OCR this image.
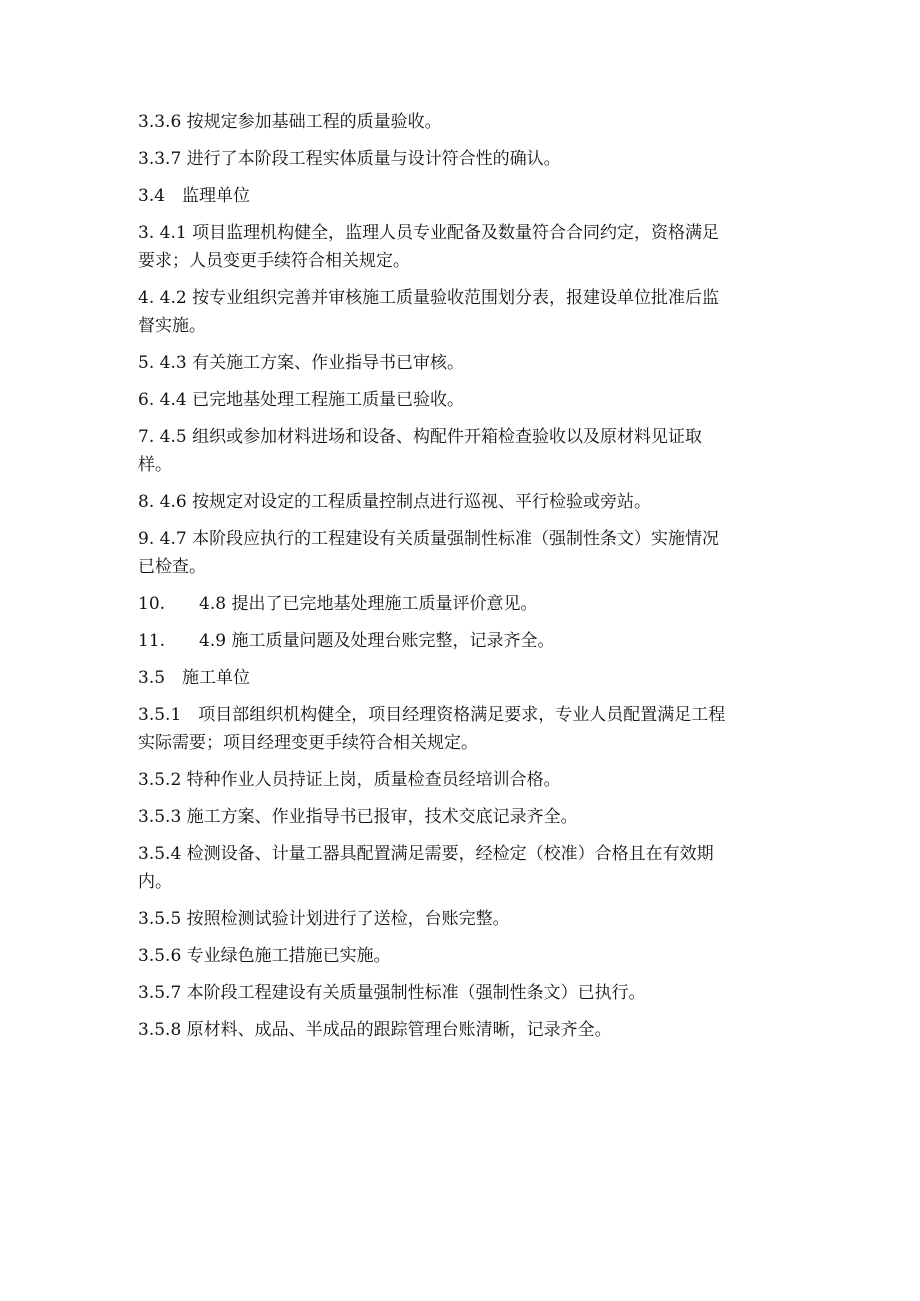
3.3.6 按规定参加基础工程的质量验收。
3.3.7 进行了本阶段工程实体质量与设计符合性的确认。
3.4　监理单位
3. 4.1 项目监理机构健全，监理人员专业配备及数量符合合同约定，资格满足
要求；人员变更手续符合相关规定。
4. 4.2 按专业组织完善并审核施工质量验收范围划分表，报建设单位批准后监
督实施。
5. 4.3 有关施工方案、作业指导书已审核。
6. 4.4 已完地基处理工程施工质量已验收。
7. 4.5 组织或参加材料进场和设备、构配件开箱检查验收以及原材料见证取
样。
8. 4.6 按规定对设定的工程质量控制点进行巡视、平行检验或旁站。
9. 4.7 本阶段应执行的工程建设有关质量强制性标准（强制性条文）实施情况
已检查。
10.　　4.8 提出了已完地基处理施工质量评价意见。
11.　　4.9 施工质量问题及处理台账完整，记录齐全。
3.5　施工单位
3.5.1　项目部组织机构健全，项目经理资格满足要求，专业人员配置满足工程
实际需要；项目经理变更手续符合相关规定。
3.5.2 特种作业人员持证上岗，质量检查员经培训合格。
3.5.3 施工方案、作业指导书已报审，技术交底记录齐全。
3.5.4 检测设备、计量工器具配置满足需要，经检定（校准）合格且在有效期
内。
3.5.5 按照检测试验计划进行了送检，台账完整。
3.5.6 专业绿色施工措施已实施。
3.5.7 本阶段工程建设有关质量强制性标准（强制性条文）已执行。
3.5.8 原材料、成品、半成品的跟踪管理台账清晰，记录齐全。
